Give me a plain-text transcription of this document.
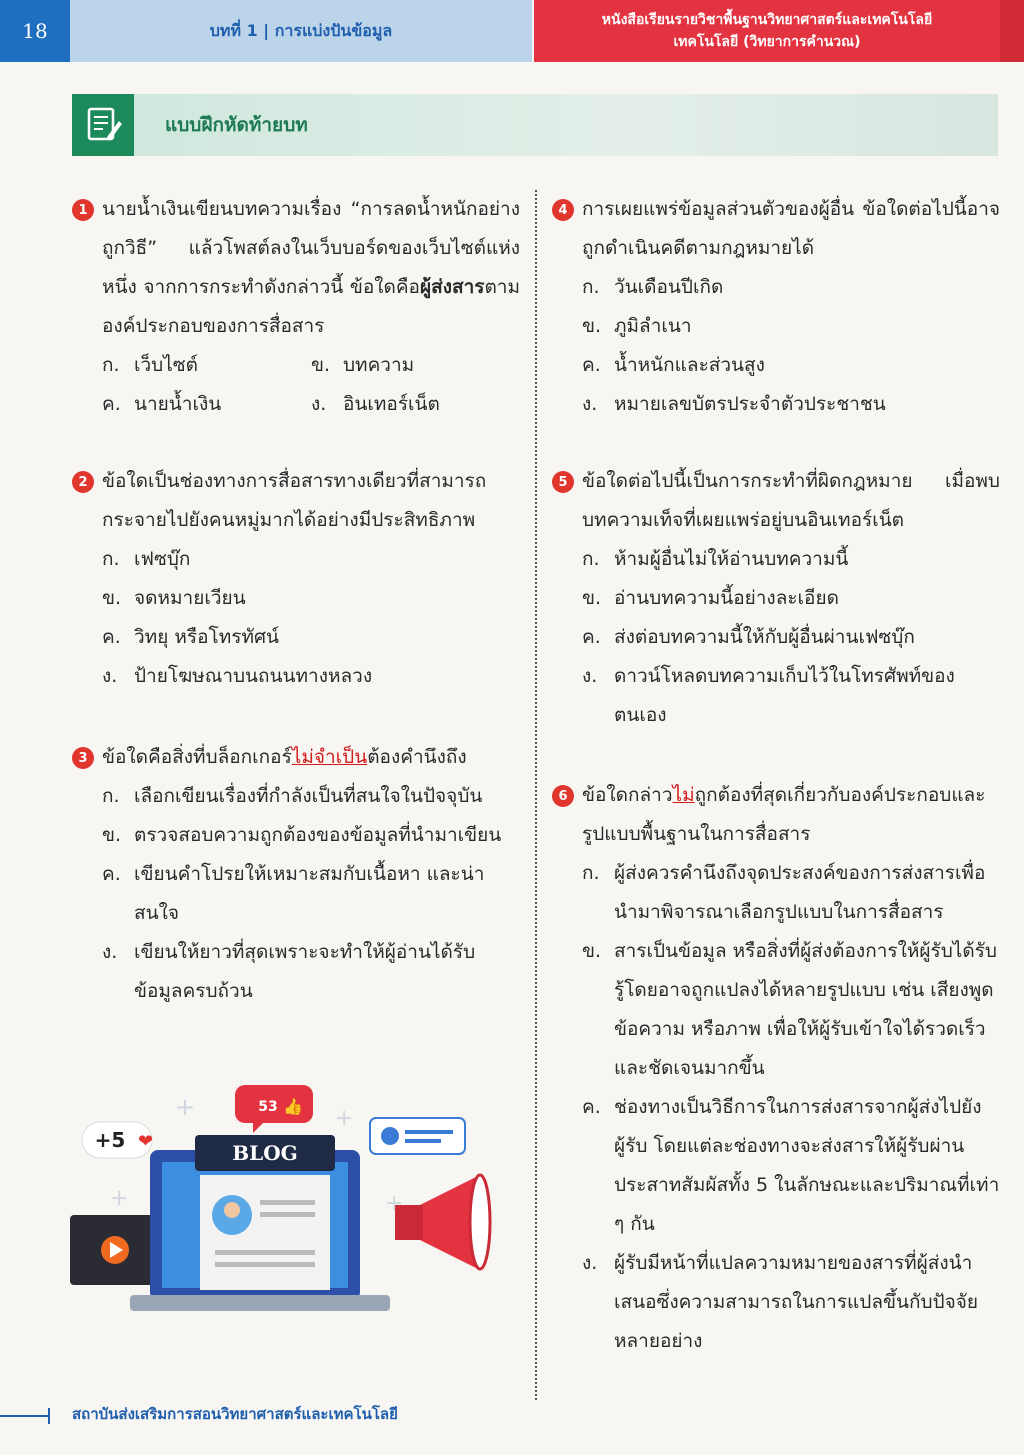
18	บทที่ 1 | การแบ่งปันข้อมูล
หนังสือเรียนรายวิชาพื้นฐานวิทยาศาสตร์และเทคโนโลยี
เทคโนโลยี (วิทยาการคำนวณ)
แบบฝึกหัดท้ายบท
1 นายน้ำเงินเขียนบทความเรื่อง “การลดน้ำหนักอย่างถูกวิธี” แล้วโพสต์ลงในเว็บบอร์ดของเว็บไซต์แห่งหนึ่ง จากการกระทำดังกล่าวนี้ ข้อใดคือผู้ส่งสารตามองค์ประกอบของการสื่อสาร
ก. เว็บไซต์	ข. บทความ
ค. นายน้ำเงิน	ง. อินเทอร์เน็ต
2 ข้อใดเป็นช่องทางการสื่อสารทางเดียวที่สามารถกระจายไปยังคนหมู่มากได้อย่างมีประสิทธิภาพ
ก. เฟซบุ๊ก
ข. จดหมายเวียน
ค. วิทยุ หรือโทรทัศน์
ง. ป้ายโฆษณาบนถนนทางหลวง
3 ข้อใดคือสิ่งที่บล็อกเกอร์ไม่จำเป็นต้องคำนึงถึง
ก. เลือกเขียนเรื่องที่กำลังเป็นที่สนใจในปัจจุบัน
ข. ตรวจสอบความถูกต้องของข้อมูลที่นำมาเขียน
ค. เขียนคำโปรยให้เหมาะสมกับเนื้อหา และน่าสนใจ
ง. เขียนให้ยาวที่สุดเพราะจะทำให้ผู้อ่านได้รับข้อมูลครบถ้วน
4 การเผยแพร่ข้อมูลส่วนตัวของผู้อื่น ข้อใดต่อไปนี้อาจถูกดำเนินคดีตามกฎหมายได้
ก. วันเดือนปีเกิด
ข. ภูมิลำเนา
ค. น้ำหนักและส่วนสูง
ง. หมายเลขบัตรประจำตัวประชาชน
5 ข้อใดต่อไปนี้เป็นการกระทำที่ผิดกฎหมาย เมื่อพบบทความเท็จที่เผยแพร่อยู่บนอินเทอร์เน็ต
ก. ห้ามผู้อื่นไม่ให้อ่านบทความนี้
ข. อ่านบทความนี้อย่างละเอียด
ค. ส่งต่อบทความนี้ให้กับผู้อื่นผ่านเฟซบุ๊ก
ง. ดาวน์โหลดบทความเก็บไว้ในโทรศัพท์ของตนเอง
6 ข้อใดกล่าวไม่ถูกต้องที่สุดเกี่ยวกับองค์ประกอบและรูปแบบพื้นฐานในการสื่อสาร
ก. ผู้ส่งควรคำนึงถึงจุดประสงค์ของการส่งสารเพื่อนำมาพิจารณาเลือกรูปแบบในการสื่อสาร
ข. สารเป็นข้อมูล หรือสิ่งที่ผู้ส่งต้องการให้ผู้รับได้รับรู้โดยอาจถูกแปลงได้หลายรูปแบบ เช่น เสียงพูด ข้อความ หรือภาพ เพื่อให้ผู้รับเข้าใจได้รวดเร็วและชัดเจนมากขึ้น
ค. ช่องทางเป็นวิธีการในการส่งสารจากผู้ส่งไปยังผู้รับ โดยแต่ละช่องทางจะส่งสารให้ผู้รับผ่านประสาทสัมผัสทั้ง 5 ในลักษณะและปริมาณที่เท่า ๆ กัน
ง. ผู้รับมีหน้าที่แปลความหมายของสารที่ผู้ส่งนำเสนอซึ่งความสามารถในการแปลขึ้นกับปัจจัยหลายอย่าง
BLOG
+5 ❤
53 👍
+	+
+	+
สถาบันส่งเสริมการสอนวิทยาศาสตร์และเทคโนโลยี
